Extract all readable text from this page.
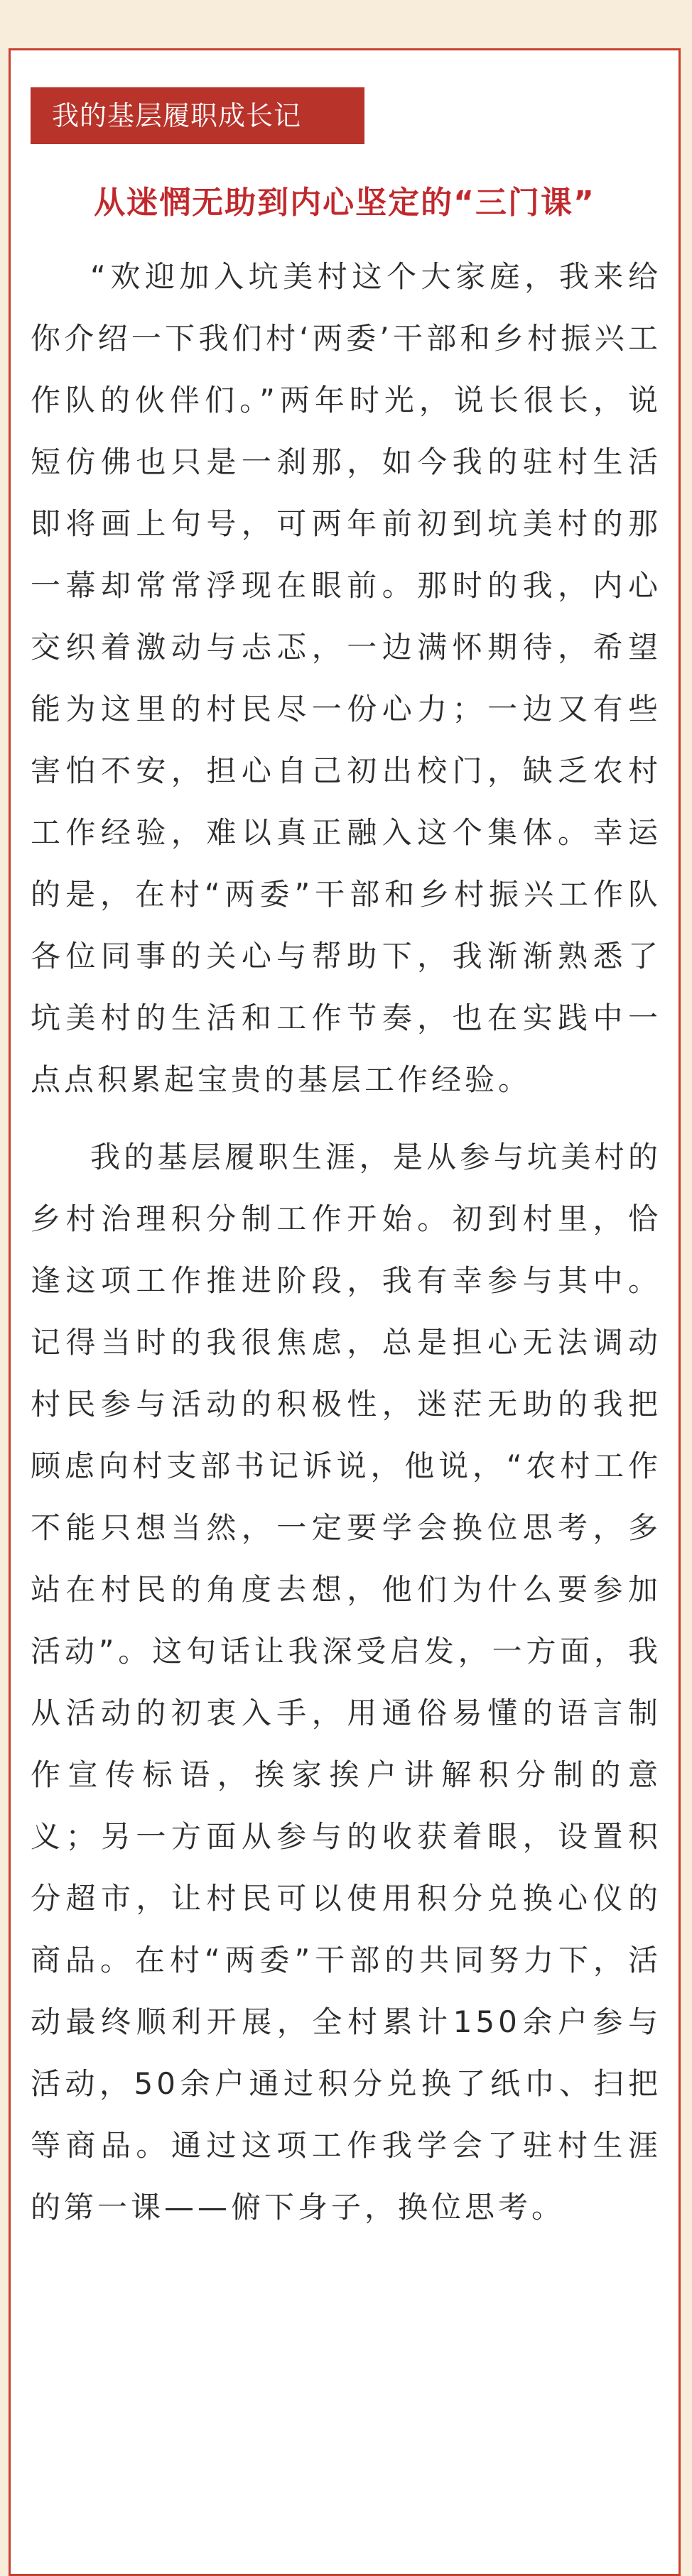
我的基层履职成长记
从迷惘无助到内心坚定的“三门课”

“欢迎加入坑美村这个大家庭，我来给你介绍一下我们村‘两委’干部和乡村振兴工作队的伙伴们。”两年时光，说长很长，说短仿佛也只是一刹那，如今我的驻村生活即将画上句号，可两年前初到坑美村的那一幕却常常浮现在眼前。那时的我，内心交织着激动与忐忑，一边满怀期待，希望能为这里的村民尽一份心力；一边又有些害怕不安，担心自己初出校门，缺乏农村工作经验，难以真正融入这个集体。幸运的是，在村“两委”干部和乡村振兴工作队各位同事的关心与帮助下，我渐渐熟悉了坑美村的生活和工作节奏，也在实践中一点点积累起宝贵的基层工作经验。

我的基层履职生涯，是从参与坑美村的乡村治理积分制工作开始。初到村里，恰逢这项工作推进阶段，我有幸参与其中。记得当时的我很焦虑，总是担心无法调动村民参与活动的积极性，迷茫无助的我把顾虑向村支部书记诉说，他说，“农村工作不能只想当然，一定要学会换位思考，多站在村民的角度去想，他们为什么要参加活动”。这句话让我深受启发，一方面，我从活动的初衷入手，用通俗易懂的语言制作宣传标语，挨家挨户讲解积分制的意义；另一方面从参与的收获着眼，设置积分超市，让村民可以使用积分兑换心仪的商品。在村“两委”干部的共同努力下，活动最终顺利开展，全村累计150余户参与活动，50余户通过积分兑换了纸巾、扫把等商品。通过这项工作我学会了驻村生涯的第一课——俯下身子，换位思考。
